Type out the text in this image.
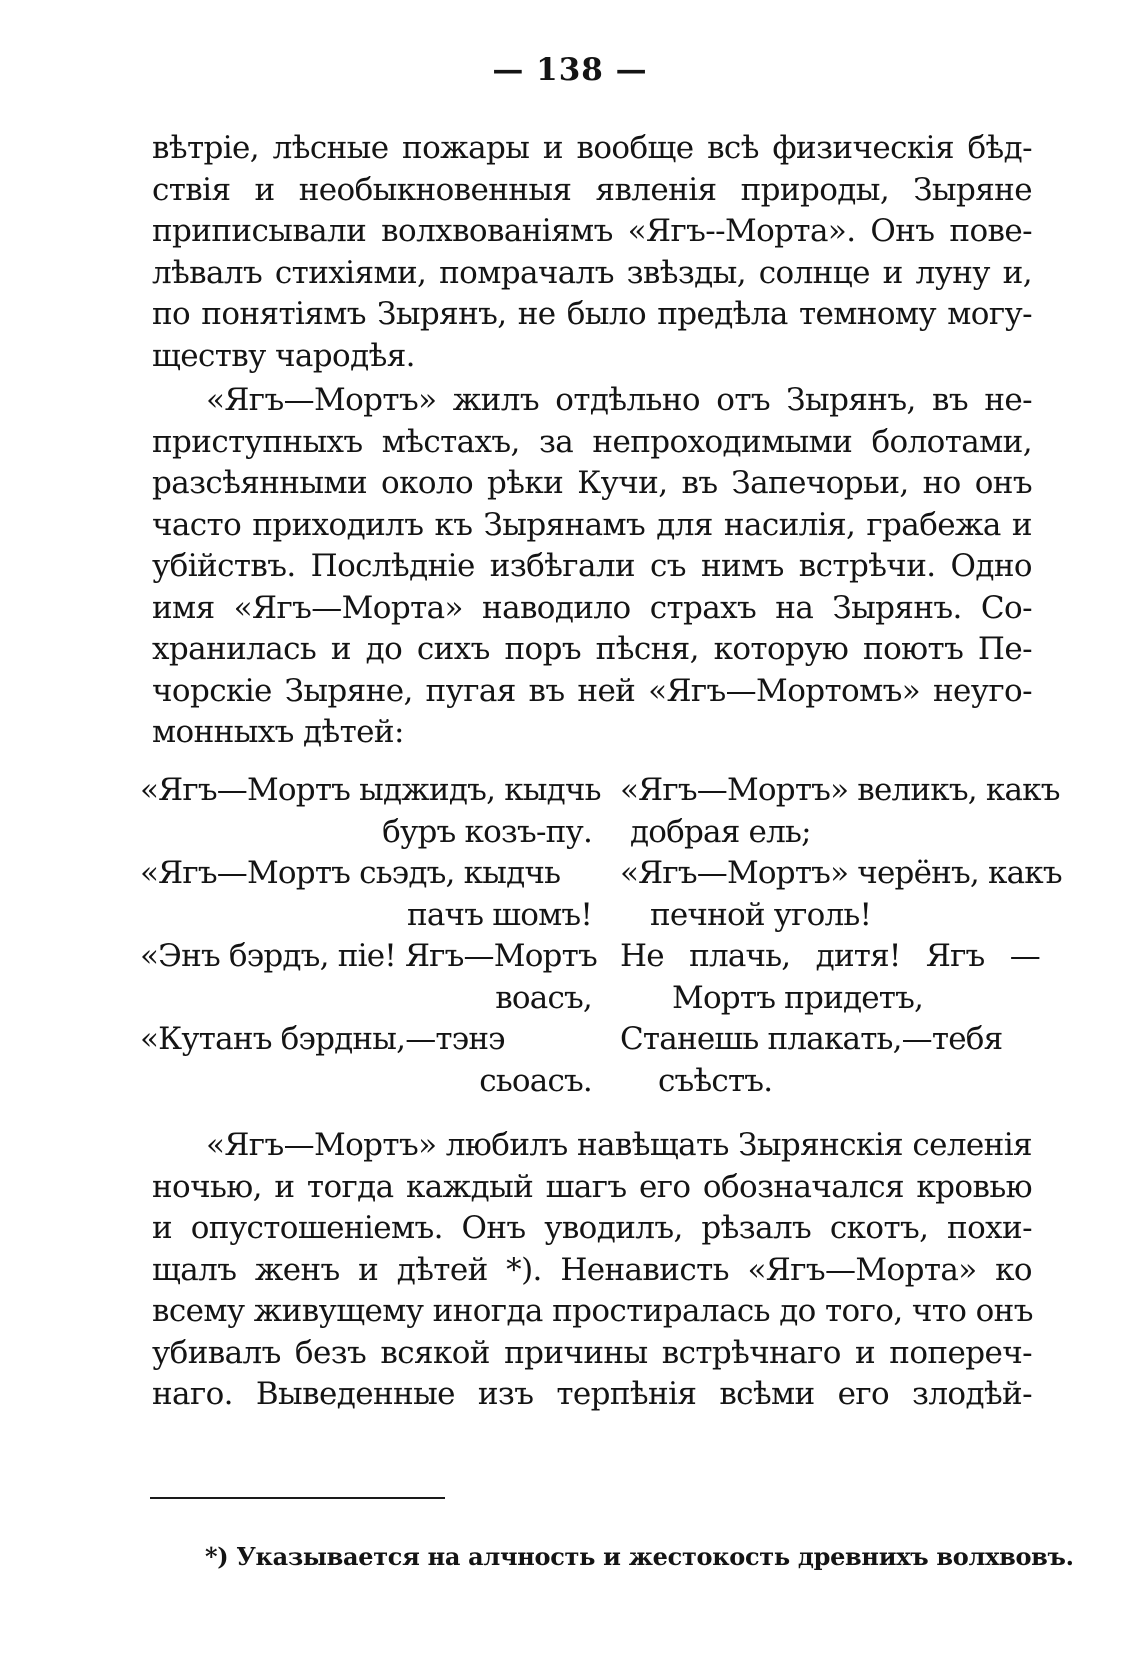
— 138 —
вѣтріе, лѣсные пожары и вообще всѣ физическія бѣд-
ствія и необыкновенныя явленія природы, Зыряне
приписывали волхвованіямъ «Ягъ--Морта». Онъ пове-
лѣвалъ стихіями, помрачалъ звѣзды, солнце и луну и,
по понятіямъ Зырянъ, не было предѣла темному могу-
ществу чародѣя.
«Ягъ—Мортъ» жилъ отдѣльно отъ Зырянъ, въ не-
приступныхъ мѣстахъ, за непроходимыми болотами,
разсѣянными около рѣки Кучи, въ Запечорьи, но онъ
часто приходилъ къ Зырянамъ для насилія, грабежа и
убійствъ. Послѣдніе избѣгали съ нимъ встрѣчи. Одно
имя «Ягъ—Морта» наводило страхъ на Зырянъ. Со-
хранилась и до сихъ поръ пѣсня, которую поютъ Пе-
чорскіе Зыряне, пугая въ ней «Ягъ—Мортомъ» неуго-
монныхъ дѣтей:
«Ягъ—Мортъ ыджидъ, кыдчь
буръ козъ-пу.
«Ягъ—Мортъ» великъ, какъ
добрая ель;
«Ягъ—Мортъ сьэдъ, кыдчь
пачъ шомъ!
«Ягъ—Мортъ» черёнъ, какъ
печной уголь!
«Энъ бэрдъ, піе! Ягъ—Мортъ
воасъ,
Не плачь, дитя! Ягъ —
Мортъ придетъ,
«Кутанъ бэрдны,—тэнэ
сьоасъ.
Станешь плакать,—тебя
съѣстъ.
«Ягъ—Мортъ» любилъ навѣщать Зырянскія селенія
ночью, и тогда каждый шагъ его обозначался кровью
и опустошеніемъ. Онъ уводилъ, рѣзалъ скотъ, похи-
щалъ женъ и дѣтей *). Ненависть «Ягъ—Морта» ко
всему живущему иногда простиралась до того, что онъ
убивалъ безъ всякой причины встрѣчнаго и попереч-
наго. Выведенные изъ терпѣнія всѣми его злодѣй-
*) Указывается на алчность и жестокость древнихъ волхвовъ.
